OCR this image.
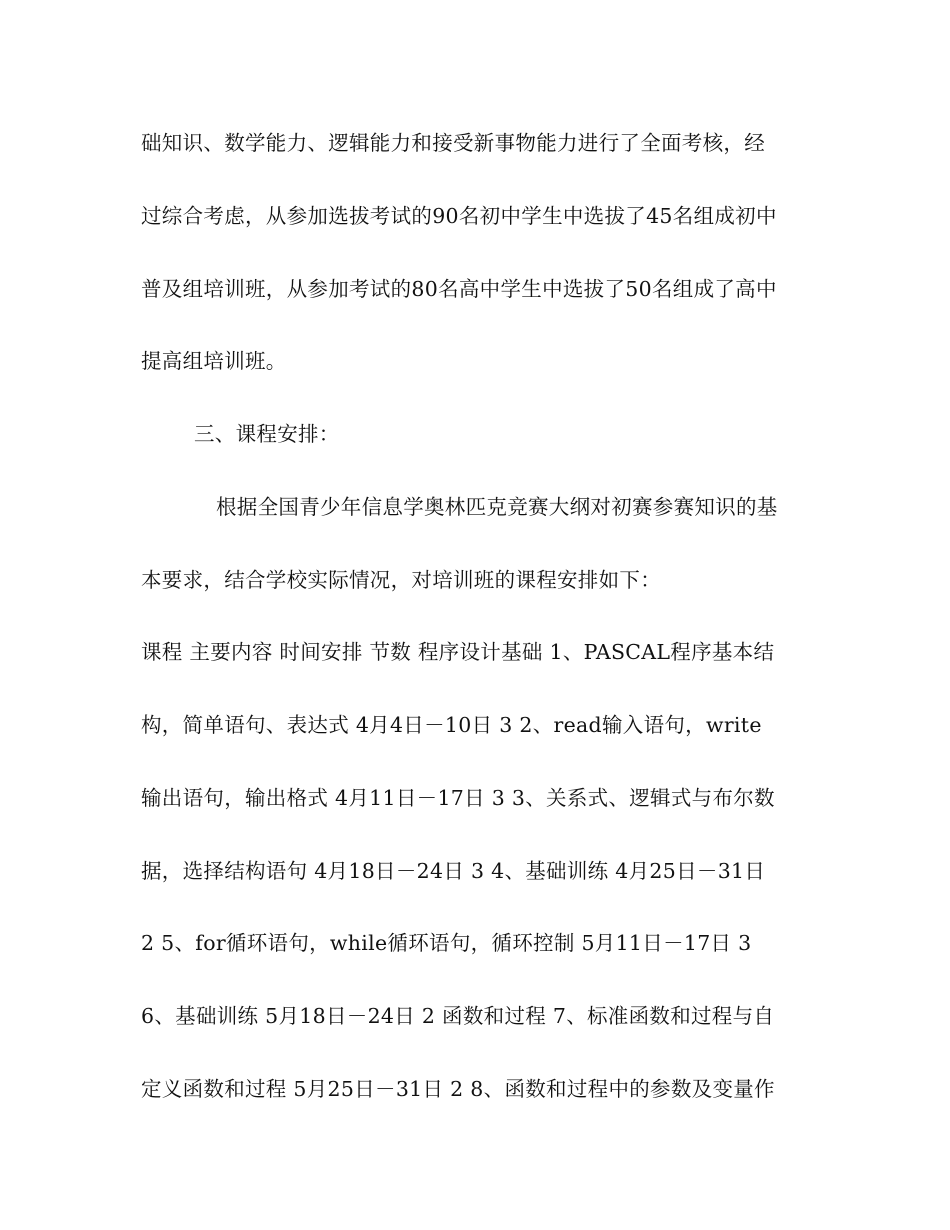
础知识、数学能力、逻辑能力和接受新事物能力进行了全面考核，经
过综合考虑，从参加选拔考试的90名初中学生中选拔了45名组成初中
普及组培训班，从参加考试的80名高中学生中选拔了50名组成了高中
提高组培训班。
三、课程安排：
根据全国青少年信息学奥林匹克竞赛大纲对初赛参赛知识的基
本要求，结合学校实际情况，对培训班的课程安排如下：
课程 主要内容 时间安排 节数 程序设计基础 1、PASCAL程序基本结
构，简单语句、表达式 4月4日－10日 3 2、read输入语句，write
输出语句，输出格式 4月11日－17日 3 3、关系式、逻辑式与布尔数
据，选择结构语句 4月18日－24日 3 4、基础训练 4月25日－31日
2 5、for循环语句，while循环语句，循环控制 5月11日－17日 3
6、基础训练 5月18日－24日 2 函数和过程 7、标准函数和过程与自
定义函数和过程 5月25日－31日 2 8、函数和过程中的参数及变量作
